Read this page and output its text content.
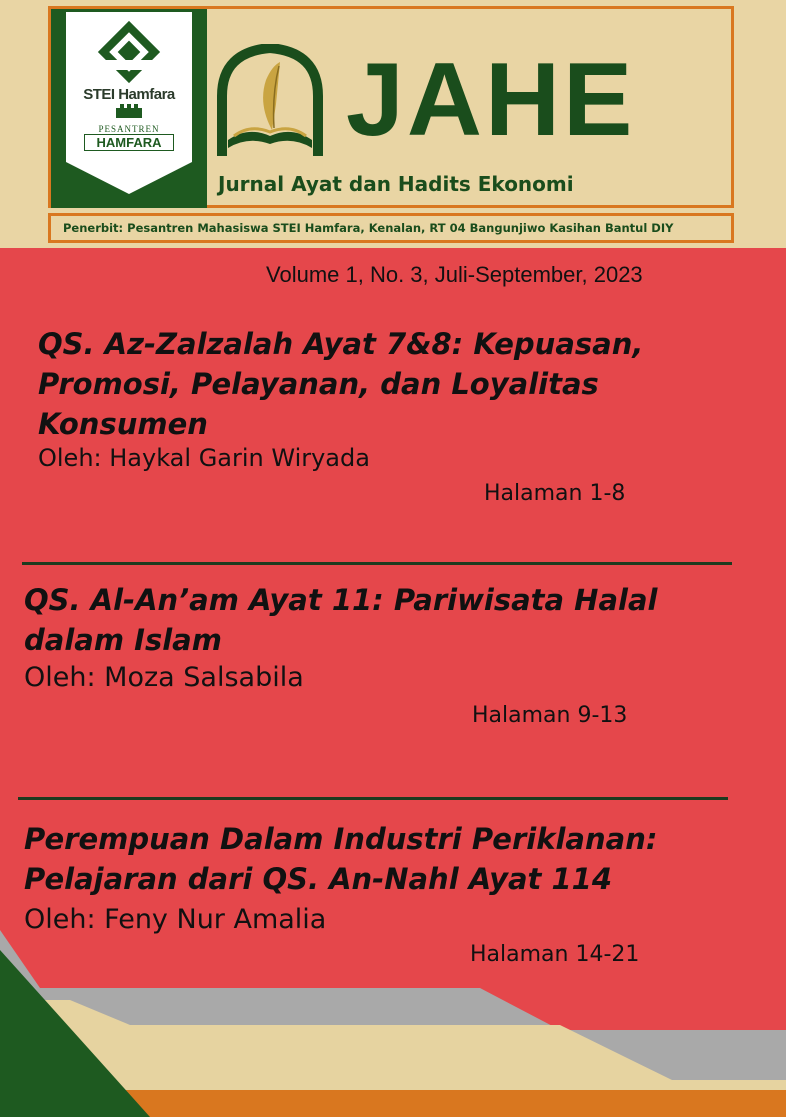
STEI Hamfara
PESANTREN
HAMFARA JAHE
Jurnal Ayat dan Hadits Ekonomi
Penerbit: Pesantren Mahasiswa STEI Hamfara, Kenalan, RT 04 Bangunjiwo Kasihan Bantul DIY
Volume 1, No. 3, Juli-September, 2023
QS. Az-Zalzalah Ayat 7&8: Kepuasan,
Promosi, Pelayanan, dan Loyalitas
Konsumen
Oleh: Haykal Garin Wiryada
Halaman 1-8
QS. Al-An’am Ayat 11: Pariwisata Halal
dalam Islam
Oleh: Moza Salsabila
Halaman 9-13
Perempuan Dalam Industri Periklanan:
Pelajaran dari QS. An-Nahl Ayat 114
Oleh: Feny Nur Amalia
Halaman 14-21
